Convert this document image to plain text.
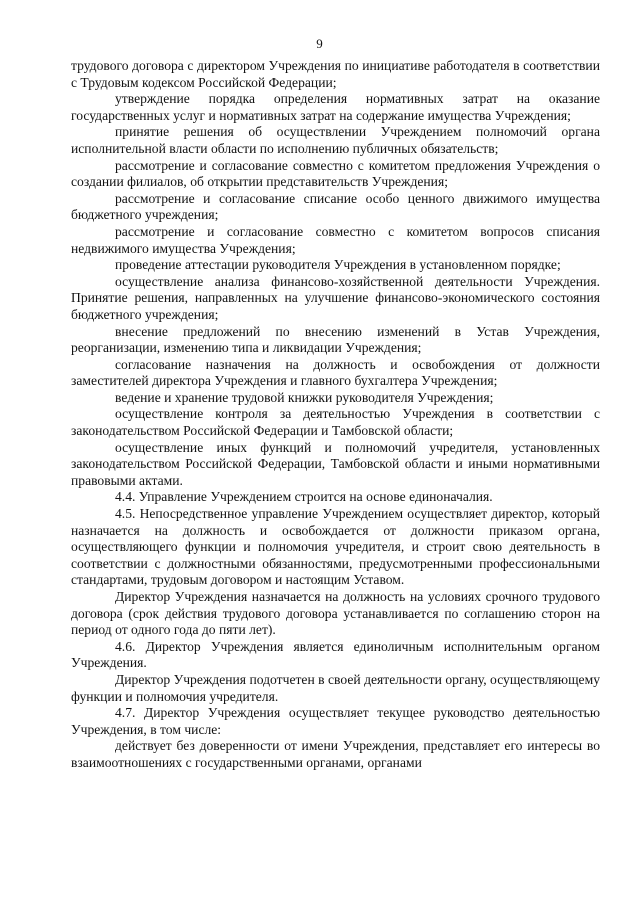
9

трудового договора с директором Учреждения по инициативе работодателя в соответствии с Трудовым кодексом Российской Федерации;

утверждение порядка определения нормативных затрат на оказание государственных услуг и нормативных затрат на содержание имущества Учреждения;

принятие решения об осуществлении Учреждением полномочий органа исполнительной власти области по исполнению публичных обязательств;

рассмотрение и согласование совместно с комитетом предложения Учреждения о создании филиалов, об открытии представительств Учреждения;

рассмотрение и согласование списание особо ценного движимого имущества бюджетного учреждения;

рассмотрение и согласование совместно с комитетом вопросов списания недвижимого имущества Учреждения;

проведение аттестации руководителя Учреждения в установленном порядке;

осуществление анализа финансово-хозяйственной деятельности Учреждения. Принятие решения, направленных на улучшение финансово-экономического состояния бюджетного учреждения;

внесение предложений по внесению изменений в Устав Учреждения, реорганизации, изменению типа и ликвидации Учреждения;

согласование назначения на должность и освобождения от должности заместителей директора Учреждения и главного бухгалтера Учреждения;

ведение и хранение трудовой книжки руководителя Учреждения;

осуществление контроля за деятельностью Учреждения в соответствии с законодательством Российской Федерации и Тамбовской области;

осуществление иных функций и полномочий учредителя, установленных законодательством Российской Федерации, Тамбовской области и иными нормативными правовыми актами.

4.4. Управление Учреждением строится на основе единоначалия.

4.5. Непосредственное управление Учреждением осуществляет директор, который назначается на должность и освобождается от должности приказом органа, осуществляющего функции и полномочия учредителя, и строит свою деятельность в соответствии с должностными обязанностями, предусмотренными профессиональными стандартами, трудовым договором и настоящим Уставом.

Директор Учреждения назначается на должность на условиях срочного трудового договора (срок действия трудового договора устанавливается по соглашению сторон на период от одного года до пяти лет).

4.6. Директор Учреждения является единоличным исполнительным органом Учреждения.

Директор Учреждения подотчетен в своей деятельности органу, осуществляющему функции и полномочия учредителя.

4.7. Директор Учреждения осуществляет текущее руководство деятельностью Учреждения, в том числе:

действует без доверенности от имени Учреждения, представляет его интересы во взаимоотношениях с государственными органами, органами
